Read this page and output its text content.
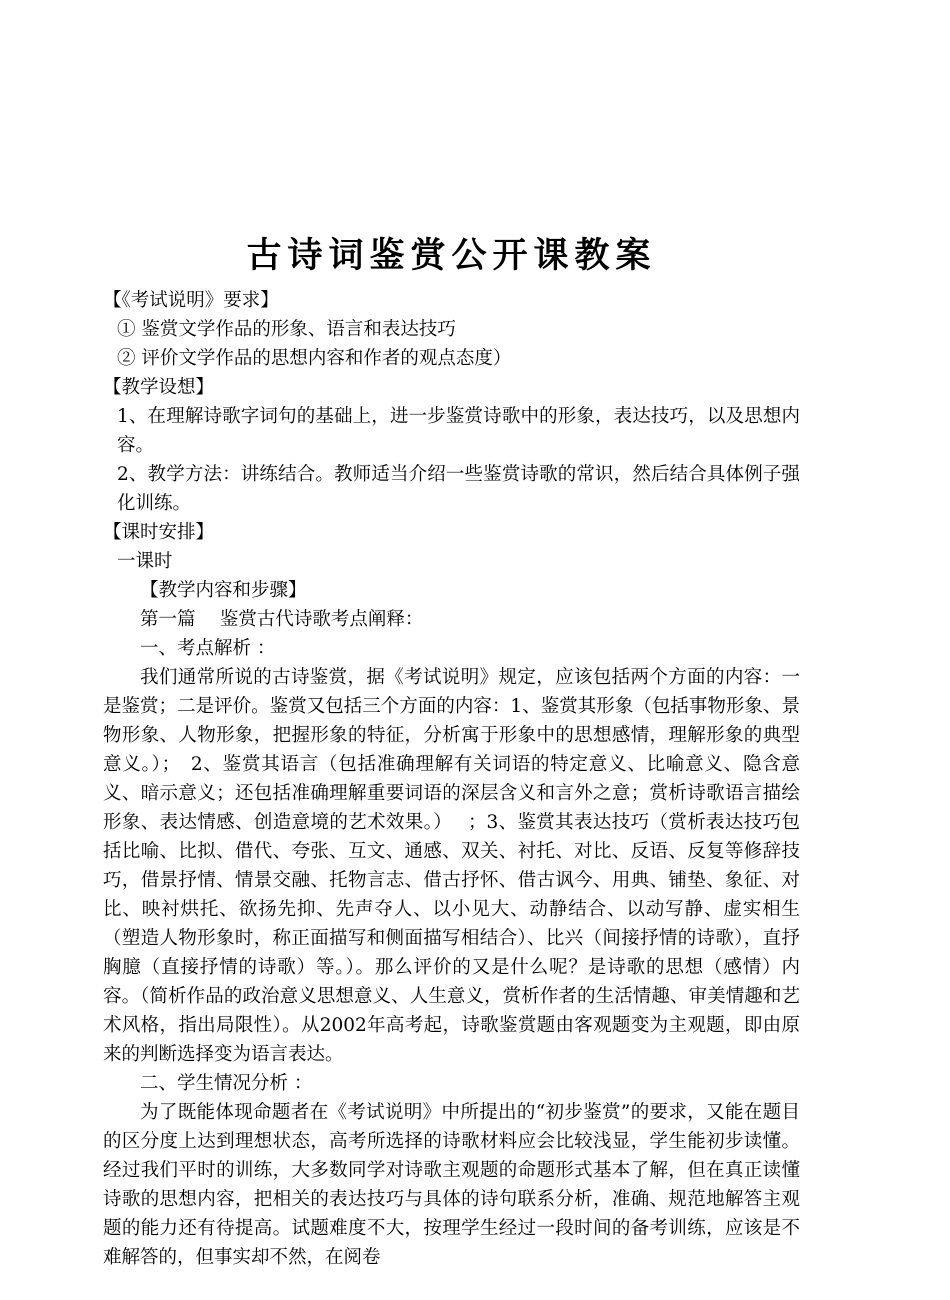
古诗词鉴赏公开课教案

【《考试说明》要求】

① 鉴赏文学作品的形象、语言和表达技巧

② 评价文学作品的思想内容和作者的观点态度）

【教学设想】

1、在理解诗歌字词句的基础上，进一步鉴赏诗歌中的形象，表达技巧，以及思想内容。

2、教学方法：讲练结合。教师适当介绍一些鉴赏诗歌的常识，然后结合具体例子强化训练。

【课时安排】

一课时

【教学内容和步骤】

第一篇　 鉴赏古代诗歌考点阐释：

一、考点解析 ：

我们通常所说的古诗鉴赏，据《考试说明》规定，应该包括两个方面的内容：一是鉴赏；二是评价。鉴赏又包括三个方面的内容：1、鉴赏其形象（包括事物形象、景物形象、人物形象，把握形象的特征，分析寓于形象中的思想感情，理解形象的典型意义。）；　2、鉴赏其语言（包括准确理解有关词语的特定意义、比喻意义、隐含意义、暗示意义；还包括准确理解重要词语的深层含义和言外之意；赏析诗歌语言描绘形象、表达情感、创造意境的艺术效果。）　 ；3、鉴赏其表达技巧（赏析表达技巧包括比喻、比拟、借代、夸张、互文、通感、双关、衬托、对比、反语、反复等修辞技巧，借景抒情、情景交融、托物言志、借古抒怀、借古讽今、用典、铺垫、象征、对比、映衬烘托、欲扬先抑、先声夺人、以小见大、动静结合、以动写静、虚实相生（塑造人物形象时，称正面描写和侧面描写相结合）、比兴（间接抒情的诗歌），直抒胸臆（直接抒情的诗歌）等。）。那么评价的又是什么呢？是诗歌的思想（感情）内容。（简析作品的政治意义思想意义、人生意义，赏析作者的生活情趣、审美情趣和艺术风格，指出局限性）。从2002年高考起，诗歌鉴赏题由客观题变为主观题，即由原来的判断选择变为语言表达。

二、学生情况分析 ：

为了既能体现命题者在《考试说明》中所提出的“初步鉴赏”的要求，又能在题目的区分度上达到理想状态，高考所选择的诗歌材料应会比较浅显，学生能初步读懂。经过我们平时的训练，大多数同学对诗歌主观题的命题形式基本了解，但在真正读懂诗歌的思想内容，把相关的表达技巧与具体的诗句联系分析，准确、规范地解答主观题的能力还有待提高。试题难度不大，按理学生经过一段时间的备考训练，应该是不难解答的，但事实却不然，在阅卷
